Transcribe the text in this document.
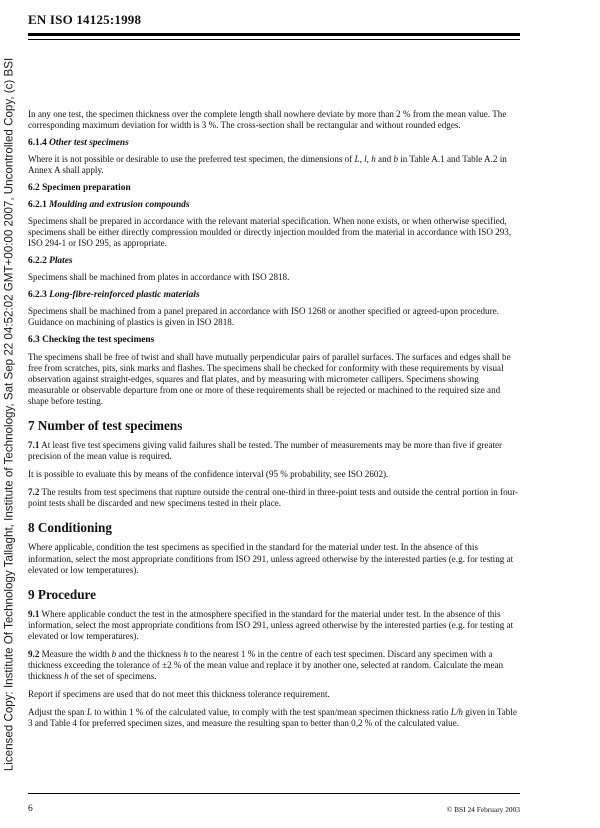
EN ISO 14125:1998
Licensed Copy: Institute Of Technology Tallaght, Institute of Technology, Sat Sep 22 04:52:02 GMT+00:00 2007, Uncontrolled Copy, (c) BSI In any one test, the specimen thickness over the complete length shall nowhere deviate by more than 2 % from the mean value. The corresponding maximum deviation for width is 3 %. The cross-section shall be rectangular and without rounded edges.

6.1.4 Other test specimens

Where it is not possible or desirable to use the preferred test specimen, the dimensions of L, l, h and b in Table A.1 and Table A.2 in Annex A shall apply.

6.2 Specimen preparation
6.2.1 Moulding and extrusion compounds

Specimens shall be prepared in accordance with the relevant material specification. When none exists, or when otherwise specified, specimens shall be either directly compression moulded or directly injection moulded from the material in accordance with ISO 293, ISO 294-1 or ISO 295, as appropriate.

6.2.2 Plates

Specimens shall be machined from plates in accordance with ISO 2818.

6.2.3 Long-fibre-reinforced plastic materials

Specimens shall be machined from a panel prepared in accordance with ISO 1268 or another specified or agreed-upon procedure. Guidance on machining of plastics is given in ISO 2818.

6.3 Checking the test specimens

The specimens shall be free of twist and shall have mutually perpendicular pairs of parallel surfaces. The surfaces and edges shall be free from scratches, pits, sink marks and flashes. The specimens shall be checked for conformity with these requirements by visual observation against straight-edges, squares and flat plates, and by measuring with micrometer callipers. Specimens showing measurable or observable departure from one or more of these requirements shall be rejected or machined to the required size and shape before testing.

7 Number of test specimens

7.1 At least five test specimens giving valid failures shall be tested. The number of measurements may be more than five if greater precision of the mean value is required.

It is possible to evaluate this by means of the confidence interval (95 % probability, see ISO 2602).

7.2 The results from test specimens that rupture outside the central one-third in three-point tests and outside the central portion in four-point tests shall be discarded and new specimens tested in their place.

8 Conditioning

Where applicable, condition the test specimens as specified in the standard for the material under test. In the absence of this information, select the most appropriate conditions from ISO 291, unless agreed otherwise by the interested parties (e.g. for testing at elevated or low temperatures).

9 Procedure

9.1 Where applicable conduct the test in the atmosphere specified in the standard for the material under test. In the absence of this information, select the most appropriate conditions from ISO 291, unless agreed otherwise by the interested parties (e.g. for testing at elevated or low temperatures).

9.2 Measure the width b and the thickness h to the nearest 1 % in the centre of each test specimen. Discard any specimen with a thickness exceeding the tolerance of ±2 % of the mean value and replace it by another one, selected at random. Calculate the mean thickness h of the set of specimens.

Report if specimens are used that do not meet this thickness tolerance requirement.

Adjust the span L to within 1 % of the calculated value, to comply with the test span/mean specimen thickness ratio L/h given in Table 3 and Table 4 for preferred specimen sizes, and measure the resulting span to better than 0,2 % of the calculated value.

6	© BSI 24 February 2003
